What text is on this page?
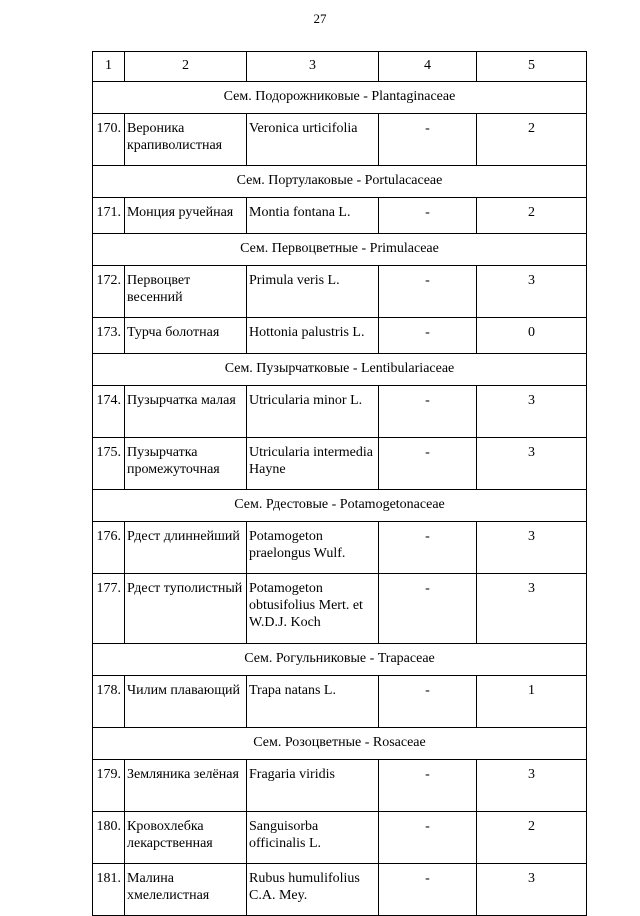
27
1	2	3	4	5
Сем. Подорожниковые - Plantaginaceae				
170.	Вероника крапиволистная	Veronica urticifolia	-	2
Сем. Портулаковые - Portulacaceae				
171.	Монция ручейная	Montia fontana L.	-	2
Сем. Первоцветные - Primulaceae				
172.	Первоцвет весенний	Primula veris L.	-	3
173.	Турча болотная	Hottonia palustris L.	-	0
Сем. Пузырчатковые - Lentibulariaceae				
174.	Пузырчатка малая	Utricularia minor L.	-	3
175.	Пузырчатка промежуточная	Utricularia intermedia Hayne	-	3
Сем. Рдестовые - Potamogetonaceae				
176.	Рдест длиннейший	Potamogeton praelongus Wulf.	-	3
177.	Рдест туполистный	Potamogeton obtusifolius Mert. et W.D.J. Koch	-	3
Сем. Рогульниковые - Trapaceae				
178.	Чилим плавающий	Trapa natans L.	-	1
Сем. Розоцветные - Rosaceae				
179.	Земляника зелёная	Fragaria viridis	-	3
180.	Кровохлебка лекарственная	Sanguisorba officinalis L.	-	2
181.	Малина хмелелистная	Rubus humulifolius C.A. Mey.	-	3
